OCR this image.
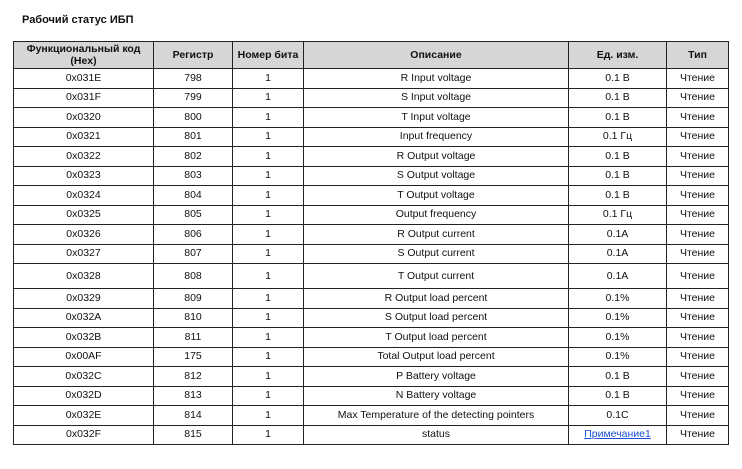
Рабочий статус ИБП
Функциональный код (Hex)	Регистр	Номер бита	Описание	Ед. изм.	Тип
0x031E	798	1	R Input voltage	0.1 В	Чтение
0x031F	799	1	S Input voltage	0.1 В	Чтение
0x0320	800	1	T Input voltage	0.1 В	Чтение
0x0321	801	1	Input frequency	0.1 Гц	Чтение
0x0322	802	1	R Output voltage	0.1 В	Чтение
0x0323	803	1	S Output voltage	0.1 В	Чтение
0x0324	804	1	T Output voltage	0.1 В	Чтение
0x0325	805	1	Output frequency	0.1 Гц	Чтение
0x0326	806	1	R Output current	0.1А	Чтение
0x0327	807	1	S Output current	0.1А	Чтение
0x0328	808	1	T Output current	0.1А	Чтение
0x0329	809	1	R Output load percent	0.1%	Чтение
0x032A	810	1	S Output load percent	0.1%	Чтение
0x032B	811	1	T Output load percent	0.1%	Чтение
0x00AF	175	1	Total Output load percent	0.1%	Чтение
0x032C	812	1	P Battery voltage	0.1 В	Чтение
0x032D	813	1	N Battery voltage	0.1 В	Чтение
0x032E	814	1	Max Temperature of the detecting pointers	0.1C	Чтение
0x032F	815	1	status	Примечание1	Чтение
